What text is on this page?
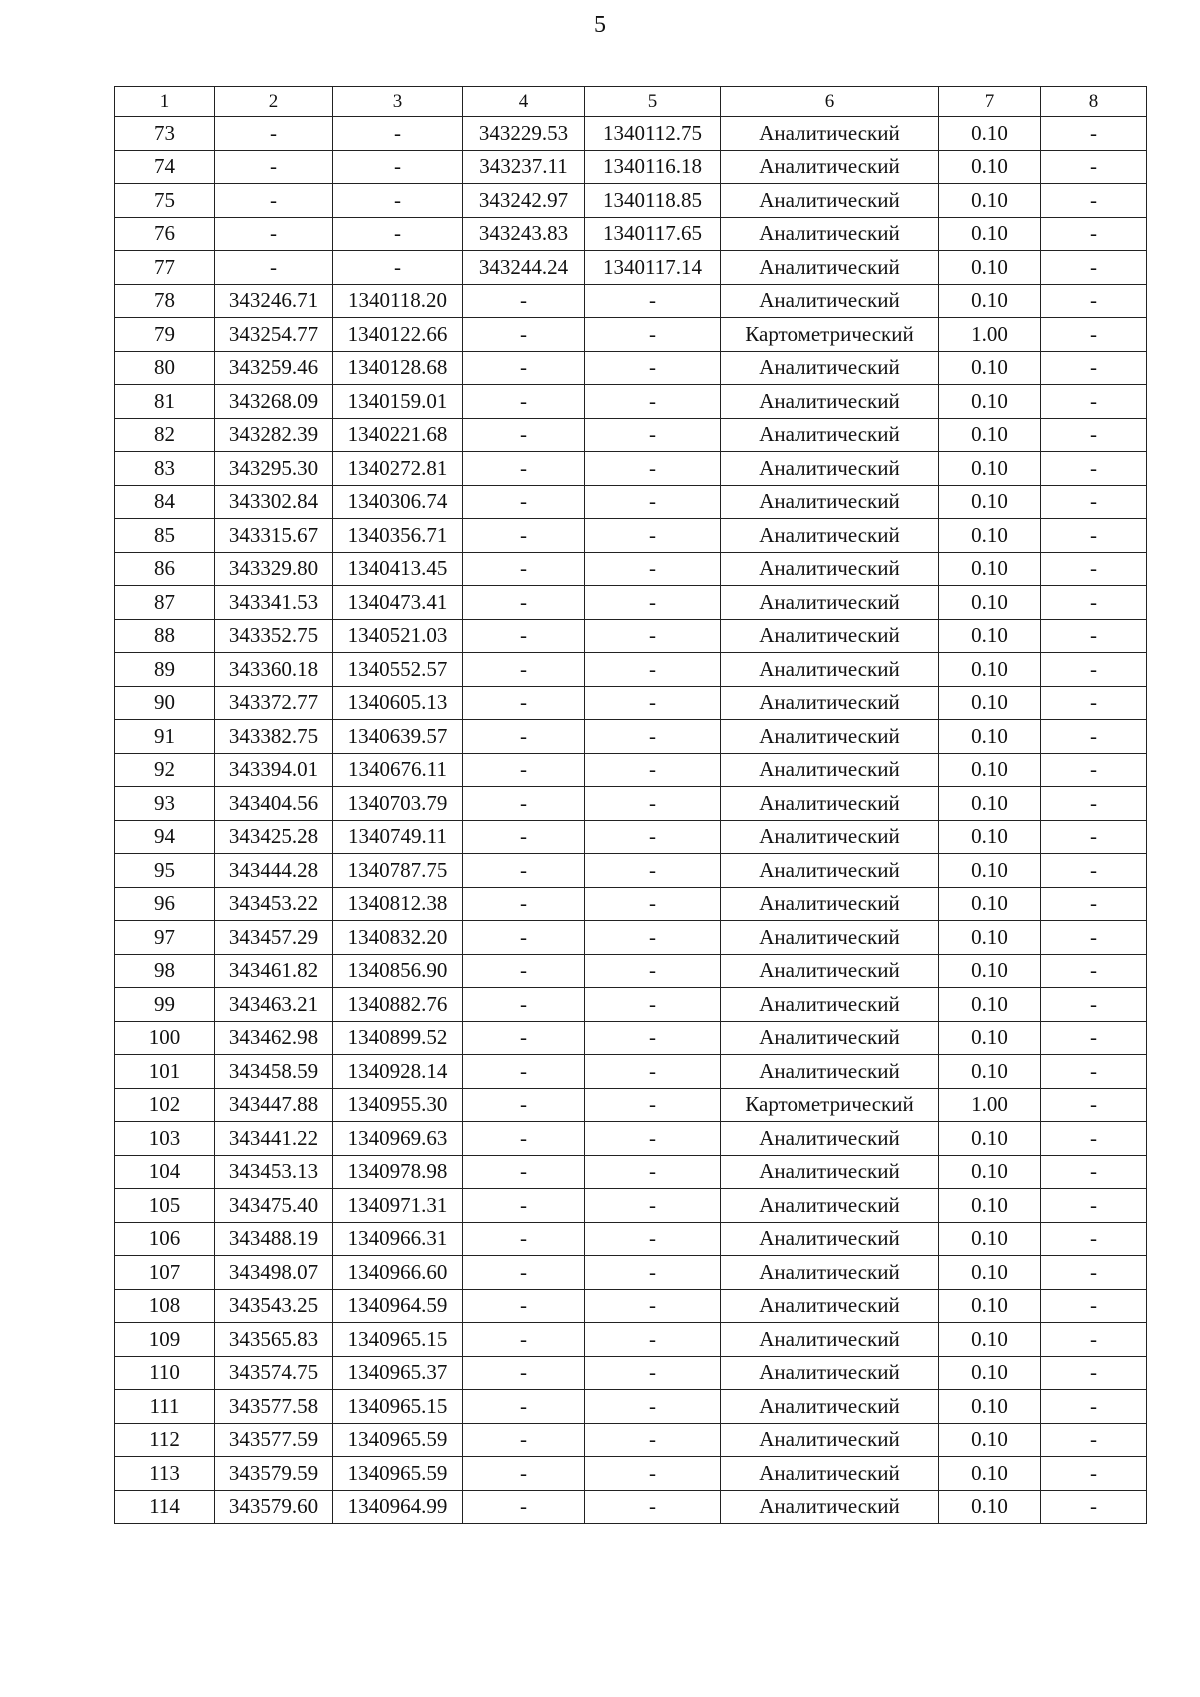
5
1	2	3	4	5	6	7	8
73	-	-	343229.53	1340112.75	Аналитический	0.10	-
74	-	-	343237.11	1340116.18	Аналитический	0.10	-
75	-	-	343242.97	1340118.85	Аналитический	0.10	-
76	-	-	343243.83	1340117.65	Аналитический	0.10	-
77	-	-	343244.24	1340117.14	Аналитический	0.10	-
78	343246.71	1340118.20	-	-	Аналитический	0.10	-
79	343254.77	1340122.66	-	-	Картометрический	1.00	-
80	343259.46	1340128.68	-	-	Аналитический	0.10	-
81	343268.09	1340159.01	-	-	Аналитический	0.10	-
82	343282.39	1340221.68	-	-	Аналитический	0.10	-
83	343295.30	1340272.81	-	-	Аналитический	0.10	-
84	343302.84	1340306.74	-	-	Аналитический	0.10	-
85	343315.67	1340356.71	-	-	Аналитический	0.10	-
86	343329.80	1340413.45	-	-	Аналитический	0.10	-
87	343341.53	1340473.41	-	-	Аналитический	0.10	-
88	343352.75	1340521.03	-	-	Аналитический	0.10	-
89	343360.18	1340552.57	-	-	Аналитический	0.10	-
90	343372.77	1340605.13	-	-	Аналитический	0.10	-
91	343382.75	1340639.57	-	-	Аналитический	0.10	-
92	343394.01	1340676.11	-	-	Аналитический	0.10	-
93	343404.56	1340703.79	-	-	Аналитический	0.10	-
94	343425.28	1340749.11	-	-	Аналитический	0.10	-
95	343444.28	1340787.75	-	-	Аналитический	0.10	-
96	343453.22	1340812.38	-	-	Аналитический	0.10	-
97	343457.29	1340832.20	-	-	Аналитический	0.10	-
98	343461.82	1340856.90	-	-	Аналитический	0.10	-
99	343463.21	1340882.76	-	-	Аналитический	0.10	-
100	343462.98	1340899.52	-	-	Аналитический	0.10	-
101	343458.59	1340928.14	-	-	Аналитический	0.10	-
102	343447.88	1340955.30	-	-	Картометрический	1.00	-
103	343441.22	1340969.63	-	-	Аналитический	0.10	-
104	343453.13	1340978.98	-	-	Аналитический	0.10	-
105	343475.40	1340971.31	-	-	Аналитический	0.10	-
106	343488.19	1340966.31	-	-	Аналитический	0.10	-
107	343498.07	1340966.60	-	-	Аналитический	0.10	-
108	343543.25	1340964.59	-	-	Аналитический	0.10	-
109	343565.83	1340965.15	-	-	Аналитический	0.10	-
110	343574.75	1340965.37	-	-	Аналитический	0.10	-
111	343577.58	1340965.15	-	-	Аналитический	0.10	-
112	343577.59	1340965.59	-	-	Аналитический	0.10	-
113	343579.59	1340965.59	-	-	Аналитический	0.10	-
114	343579.60	1340964.99	-	-	Аналитический	0.10	-
